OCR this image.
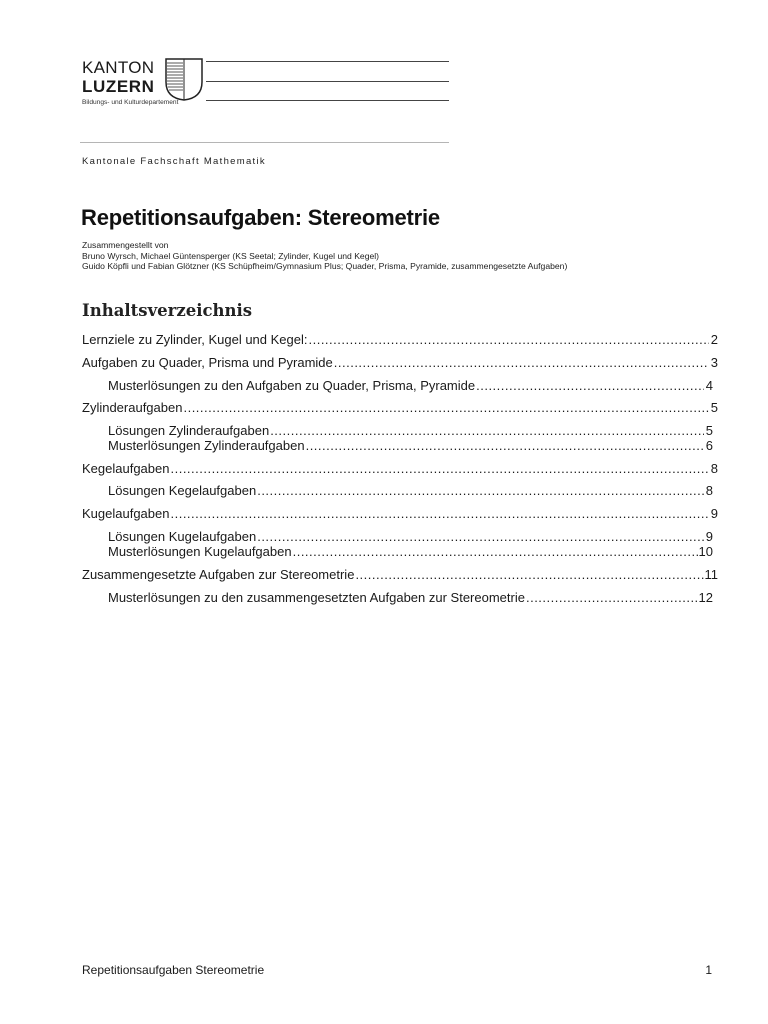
KANTON
LUZERN
Bildungs- und Kulturdepartement
Kantonale Fachschaft Mathematik
Repetitionsaufgaben: Stereometrie
Zusammengestellt von
Bruno Wyrsch, Michael Güntensperger (KS Seetal; Zylinder, Kugel und Kegel)
Guido Köpfli und Fabian Glötzner (KS Schüpfheim/Gymnasium Plus; Quader, Prisma, Pyramide, zusammengesetzte Aufgaben)
Inhaltsverzeichnis
Lernziele zu Zylinder, Kugel und Kegel: .....	2
Aufgaben zu Quader, Prisma und Pyramide .....	3
Musterlösungen zu den Aufgaben zu Quader, Prisma, Pyramide .....	4
Zylinderaufgaben .....	5
Lösungen Zylinderaufgaben .....	5
Musterlösungen Zylinderaufgaben .....	6
Kegelaufgaben .....	8
Lösungen Kegelaufgaben .....	8
Kugelaufgaben .....	9
Lösungen Kugelaufgaben .....	9
Musterlösungen Kugelaufgaben .....	10
Zusammengesetzte Aufgaben zur Stereometrie .....	11
Musterlösungen zu den zusammengesetzten Aufgaben zur Stereometrie .....	12
Repetitionsaufgaben Stereometrie	1
